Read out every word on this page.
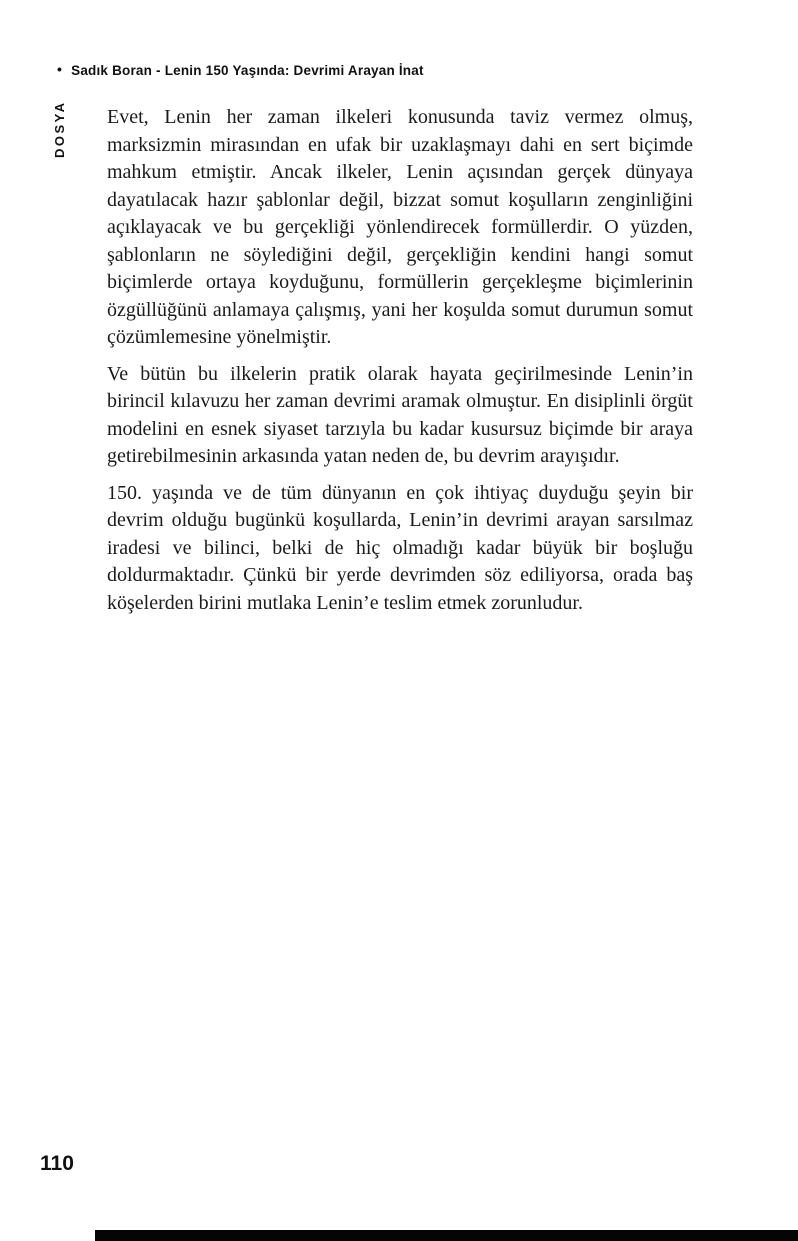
• Sadık Boran - Lenin 150 Yaşında: Devrimi Arayan İnat
DOSYA Evet, Lenin her zaman ilkeleri konusunda taviz vermez olmuş, marksizmin mirasından en ufak bir uzaklaşmayı dahi en sert biçimde mahkum etmiştir. Ancak ilkeler, Lenin açısından gerçek dünyaya dayatılacak hazır şablonlar değil, bizzat somut koşulların zenginliğini açıklayacak ve bu gerçekliği yönlendirecek formüllerdir. O yüzden, şablonların ne söylediğini değil, gerçekliğin kendini hangi somut biçimlerde ortaya koyduğunu, formüllerin gerçekleşme biçimlerinin özgüllüğünü anlamaya çalışmış, yani her koşulda somut durumun somut çözümlemesine yönelmiştir.

Ve bütün bu ilkelerin pratik olarak hayata geçirilmesinde Lenin’in birincil kılavuzu her zaman devrimi aramak olmuştur. En disiplinli örgüt modelini en esnek siyaset tarzıyla bu kadar kusursuz biçimde bir araya getirebilmesinin arkasında yatan neden de, bu devrim arayışıdır.

150. yaşında ve de tüm dünyanın en çok ihtiyaç duyduğu şeyin bir devrim olduğu bugünkü koşullarda, Lenin’in devrimi arayan sarsılmaz iradesi ve bilinci, belki de hiç olmadığı kadar büyük bir boşluğu doldurmaktadır. Çünkü bir yerde devrimden söz ediliyorsa, orada baş köşelerden birini mutlaka Lenin’e teslim etmek zorunludur.

110
